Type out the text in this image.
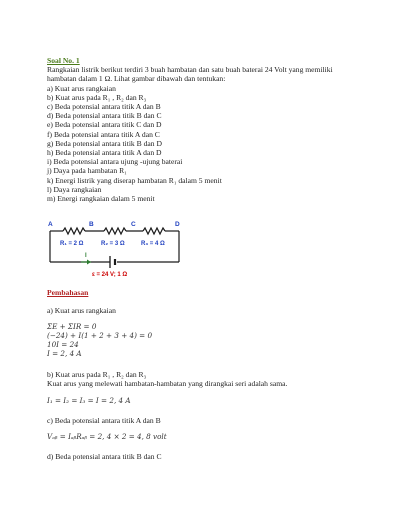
Soal No. 1
Rangkaian listrik berikut terdiri 3 buah hambatan dan satu buah baterai 24 Volt yang memiliki
hambatan dalam 1 Ω. Lihat gambar dibawah dan tentukan:
a) Kuat arus rangkaian
b) Kuat arus pada R₁ , R₂ dan R₃
c) Beda potensial antara titik A dan B
d) Beda potensial antara titik B dan C
e) Beda potensial antara titik C dan D
f) Beda potensial antara titik A dan C
g) Beda potensial antara titik B dan D
h) Beda potensial antara titik A dan D
i) Beda potensial antara ujung -ujung baterai
j) Daya pada hambatan R₁
k) Energi listrik yang diserap hambatan R₁ dalam 5 menit
l) Daya rangkaian
m) Energi rangkaian dalam 5 menit
I
A	B	C	D
R₁ = 2 Ω	R₂ = 3 Ω	R₃ = 4 Ω
ε = 24 V; 1 Ω
Pembahasan
a) Kuat arus rangkaian
ΣE + ΣIR = 0
(−24) + I(1 + 2 + 3 + 4) = 0
10I = 24
I = 2, 4 A
b) Kuat arus pada R₁ , R₂ dan R₃
Kuat arus yang melewati hambatan-hambatan yang dirangkai seri adalah sama.
I₁ = I₂ = I₃ = I = 2, 4 A
c) Beda potensial antara titik A dan B
Vₐᵦ = IₐᵦRₐᵦ = 2, 4 × 2 = 4, 8 volt
d) Beda potensial antara titik B dan C
